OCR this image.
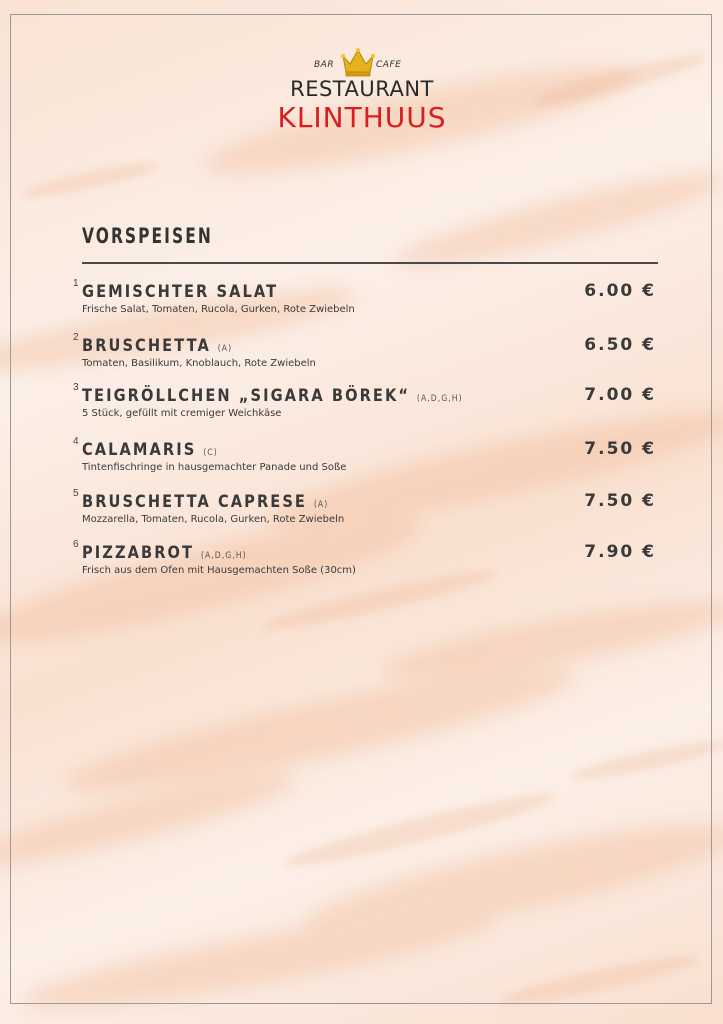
BAR	CAFE
RESTAURANT
KLINTHUUS
VORSPEISEN
1 GEMISCHTER SALAT
Frische Salat, Tomaten, Rucola, Gurken, Rote Zwiebeln
6.00 €
2 BRUSCHETTA (A)
Tomaten, Basilikum, Knoblauch, Rote Zwiebeln
6.50 €
3 TEIGRÖLLCHEN „SIGARA BÖREK“ (A,D,G,H)
5 Stück, gefüllt mit cremiger Weichkäse
7.00 €
4 CALAMARIS (C)
Tintenfischringe in hausgemachter Panade und Soße
7.50 €
5 BRUSCHETTA CAPRESE (A)
Mozzarella, Tomaten, Rucola, Gurken, Rote Zwiebeln
7.50 €
6 PIZZABROT (A,D,G,H)
Frisch aus dem Ofen mit Hausgemachten Soße (30cm)
7.90 €
